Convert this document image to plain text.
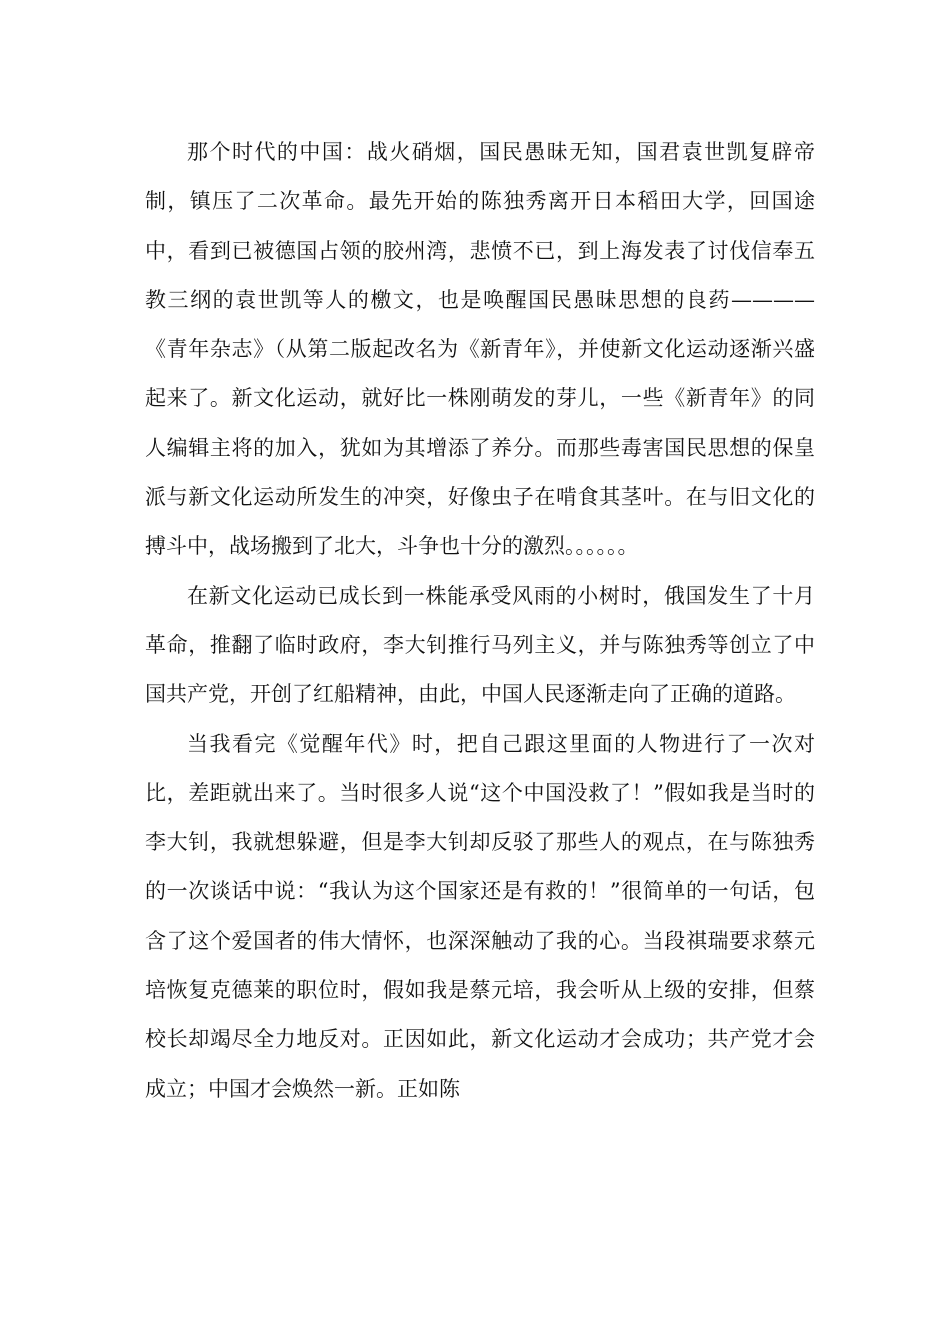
那个时代的中国：战火硝烟，国民愚昧无知，国君袁世凯复辟帝制，镇压了二次革命。最先开始的陈独秀离开日本稻田大学，回国途中，看到已被德国占领的胶州湾，悲愤不已，到上海发表了讨伐信奉五教三纲的袁世凯等人的檄文，也是唤醒国民愚昧思想的良药————《青年杂志》（从第二版起改名为《新青年》，并使新文化运动逐渐兴盛起来了。新文化运动，就好比一株刚萌发的芽儿，一些《新青年》的同人编辑主将的加入，犹如为其增添了养分。而那些毒害国民思想的保皇派与新文化运动所发生的冲突，好像虫子在啃食其茎叶。在与旧文化的搏斗中，战场搬到了北大，斗争也十分的激烈。。。。。。

在新文化运动已成长到一株能承受风雨的小树时，俄国发生了十月革命，推翻了临时政府，李大钊推行马列主义，并与陈独秀等创立了中国共产党，开创了红船精神，由此，中国人民逐渐走向了正确的道路。

当我看完《觉醒年代》时，把自己跟这里面的人物进行了一次对比，差距就出来了。当时很多人说“这个中国没救了！”假如我是当时的李大钊，我就想躲避，但是李大钊却反驳了那些人的观点，在与陈独秀的一次谈话中说：“我认为这个国家还是有救的！”很简单的一句话，包含了这个爱国者的伟大情怀，也深深触动了我的心。当段祺瑞要求蔡元培恢复克德莱的职位时，假如我是蔡元培，我会听从上级的安排，但蔡校长却竭尽全力地反对。正因如此，新文化运动才会成功；共产党才会成立；中国才会焕然一新。正如陈
